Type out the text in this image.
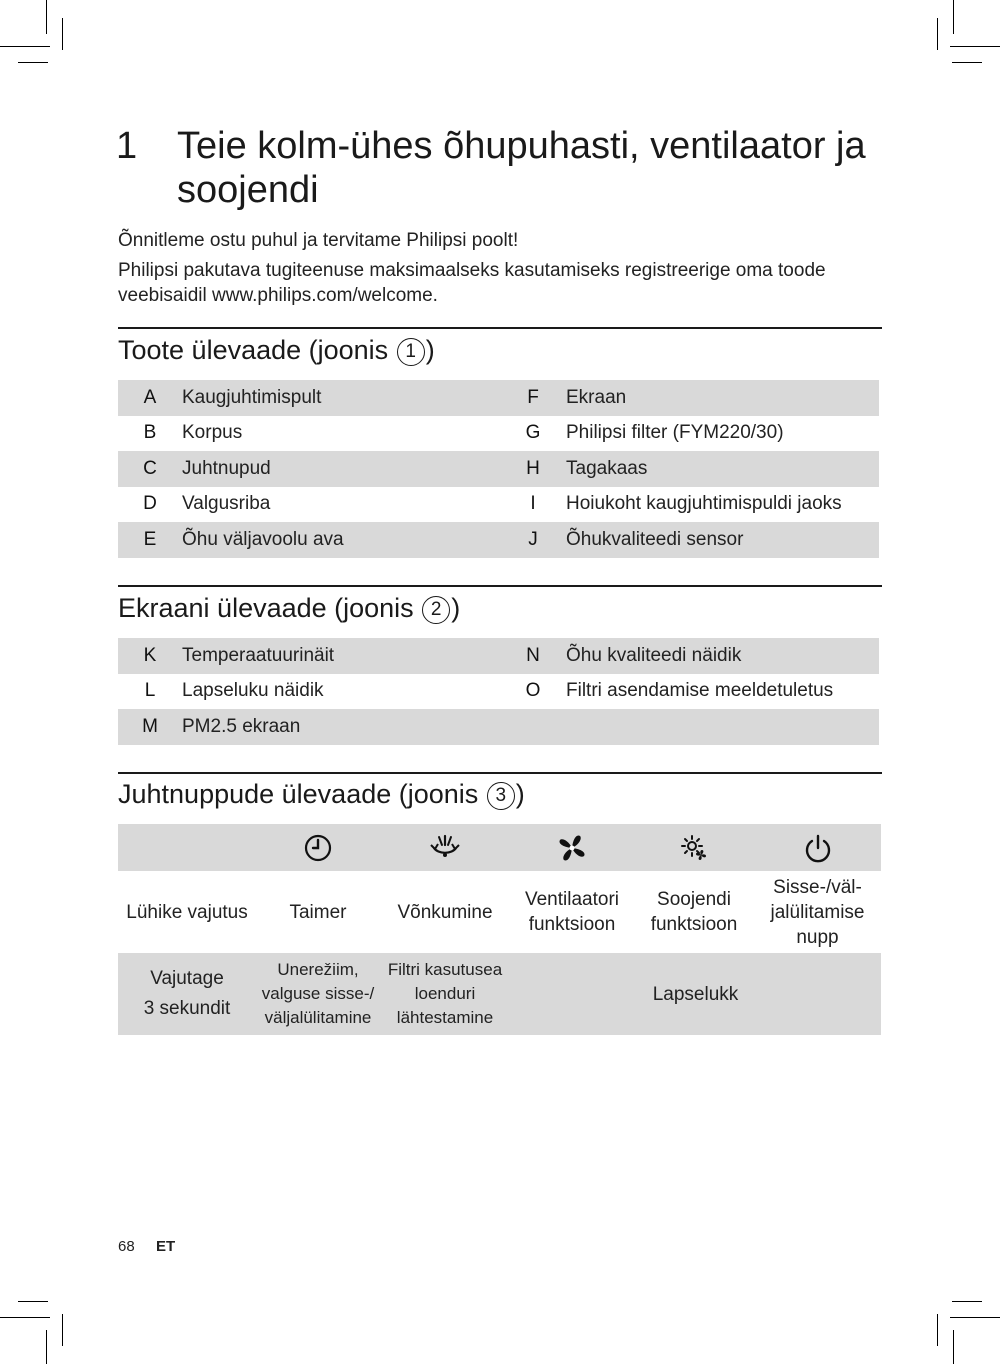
1 Teie kolm-ühes õhupuhasti, ventilaator ja soojendi
Õnnitleme ostu puhul ja tervitame Philipsi poolt!
Philipsi pakutava tugiteenuse maksimaalseks kasutamiseks registreerige oma toode veebisaidil www.philips.com/welcome.
Toote ülevaade (joonis 1 )
A	Kaugjuhtimispult	F	Ekraan
B	Korpus	G	Philipsi filter (FYM220/30)
C	Juhtnupud	H	Tagakaas
D	Valgusriba	I	Hoiukoht kaugjuhtimispuldi jaoks
E	Õhu väljavoolu ava	J	Õhukvaliteedi sensor
Ekraani ülevaade (joonis 2 )
K	Temperaatuurinäit	N	Õhu kvaliteedi näidik
L	Lapseluku näidik	O	Filtri asendamise meeldetuletus
M	PM2.5 ekraan		
Juhtnuppude ülevaade (joonis 3 )

Lühike vajutus	Taimer	Võnkumine	Ventilaatori funktsioon	Soojendi funktsioon	Sisse-/väl-jalülitamise nupp
Vajutage
3 sekundit	Unerežiim, valguse sisse-/ väljalülitamine	Filtri kasutusea loenduri lähtestamine	Lapselukk		
68 ET
